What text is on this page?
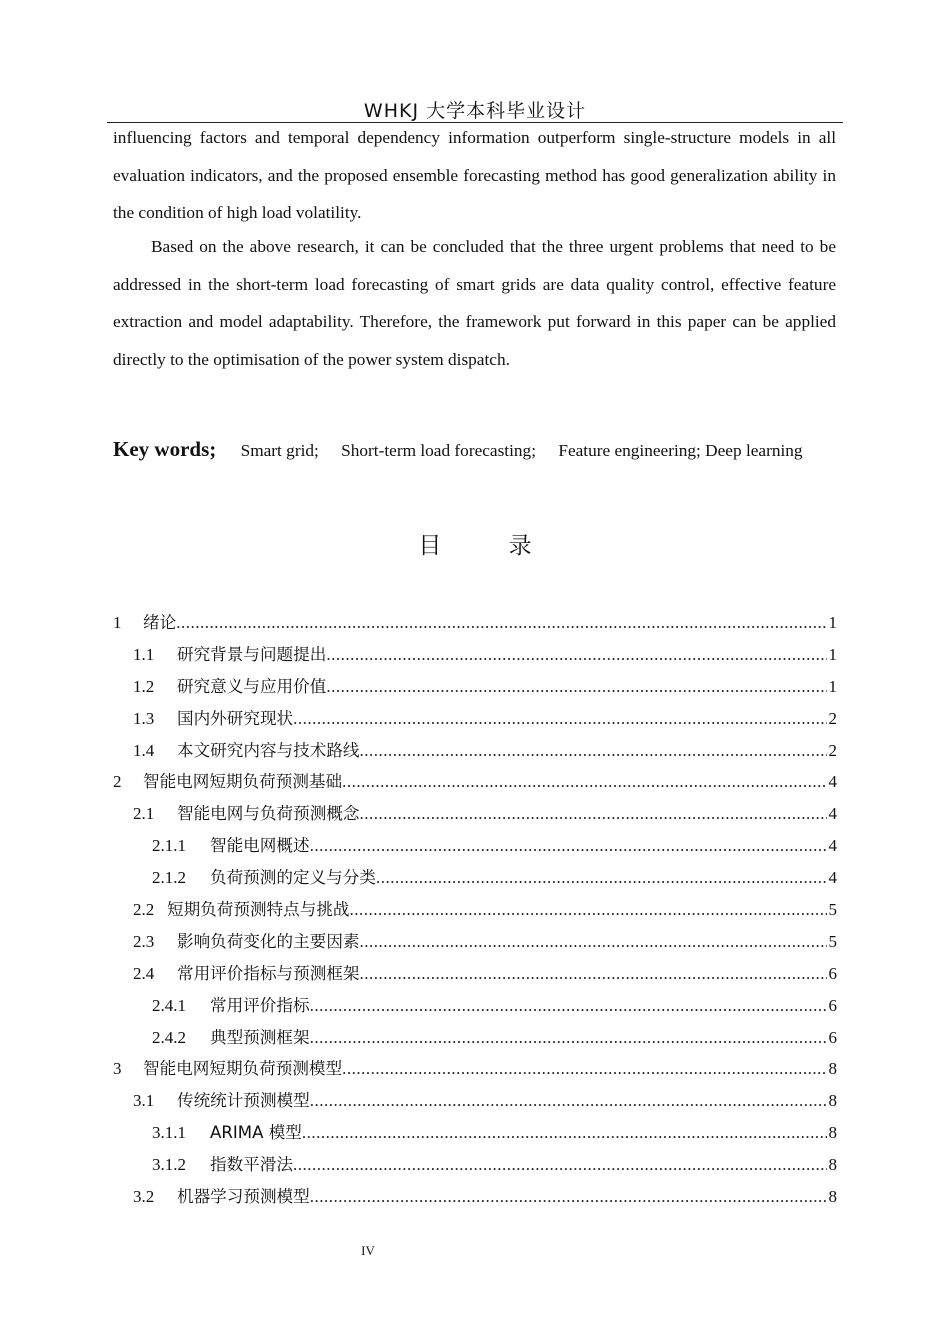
WHKJ 大学本科毕业设计

influencing factors and temporal dependency information outperform single-structure models in all evaluation indicators, and the proposed ensemble forecasting method has good generalization ability in the condition of high load volatility.

Based on the above research, it can be concluded that the three urgent problems that need to be addressed in the short-term load forecasting of smart grids are data quality control, effective feature extraction and model adaptability. Therefore, the framework put forward in this paper can be applied directly to the optimisation of the power system dispatch.

Key words; Smart grid; Short-term load forecasting; Feature engineering; Deep learning
目 录
1	绪论 .....	1
1.1	研究背景与问题提出 .....	1
1.2	研究意义与应用价值 .....	1
1.3	国内外研究现状 .....	2
1.4	本文研究内容与技术路线 .....	2
2	智能电网短期负荷预测基础 .....	4
2.1	智能电网与负荷预测概念 .....	4
2.1.1	智能电网概述 .....	4
2.1.2	负荷预测的定义与分类 .....	4
2.2 短期负荷预测特点与挑战 .....	5
2.3	影响负荷变化的主要因素 .....	5
2.4	常用评价指标与预测框架 .....	6
2.4.1	常用评价指标 .....	6
2.4.2	典型预测框架 .....	6
3	智能电网短期负荷预测模型 .....	8
3.1	传统统计预测模型 .....	8
3.1.1	ARIMA 模型 .....	8
3.1.2	指数平滑法 .....	8
3.2	机器学习预测模型 .....	8
IV
